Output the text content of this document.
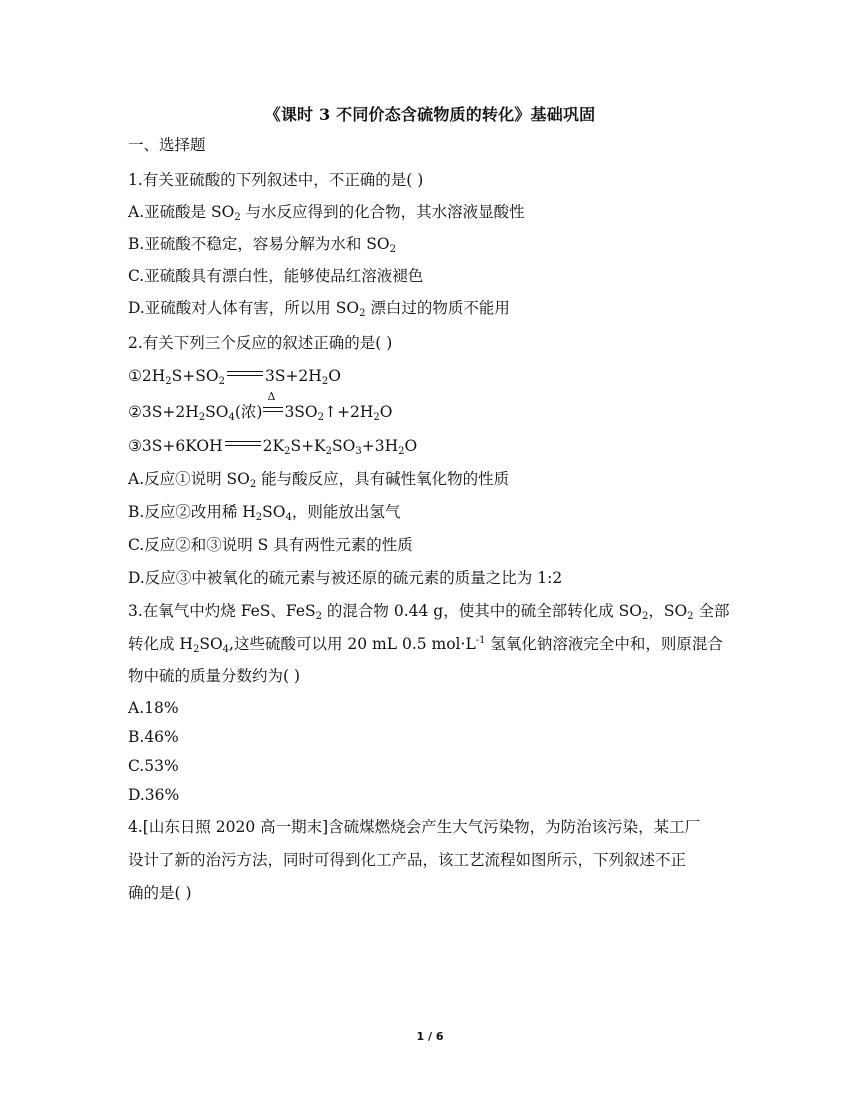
《课时 3 不同价态含硫物质的转化》基础巩固
一、选择题
1.有关亚硫酸的下列叙述中，不正确的是( )
A.亚硫酸是 $SO_2$ 与水反应得到的化合物，其水溶液显酸性
B.亚硫酸不稳定，容易分解为水和 $SO_2$
C.亚硫酸具有漂白性，能够使品红溶液褪色
D.亚硫酸对人体有害，所以用 $SO_2$ 漂白过的物质不能用
2.有关下列三个反应的叙述正确的是( )
$①2H_2S+SO_2$	$3S+2H_2O$
$②3S+2H_2SO_4$(浓)
Δ
$3SO_2↑+2H_2O$
③3S+6KOH	$2K_2S+K_2SO_3+3H_2O$
A.反应①说明 $SO_2$ 能与酸反应，具有碱性氧化物的性质
B.反应②改用稀 $H_2SO_4$，则能放出氢气
C.反应②和③说明 S 具有两性元素的性质
D.反应③中被氧化的硫元素与被还原的硫元素的质量之比为 1:2
3.在氧气中灼烧 FeS、FeS$_2$ 的混合物 0.44 g，使其中的硫全部转化成 $SO_2$，$SO_2$ 全部
转化成 $H_2SO_4$,这些硫酸可以用 20 mL 0.5 $mol\cdot L^{-1}$ 氢氧化钠溶液完全中和，则原混合
物中硫的质量分数约为( )
A.18%
B.46%
C.53%
D.36%
4.[山东日照 2020 高一期末]含硫煤燃烧会产生大气污染物，为防治该污染，某工厂
设计了新的治污方法，同时可得到化工产品，该工艺流程如图所示，下列叙述不正
确的是( )
1 / 6
